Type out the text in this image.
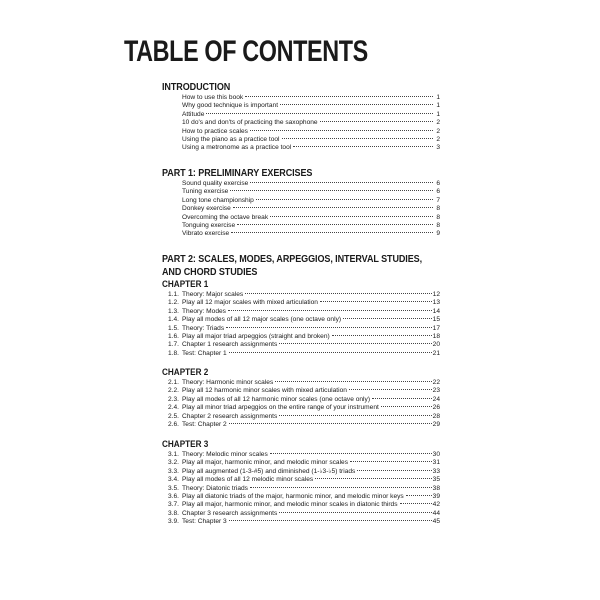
TABLE OF CONTENTS
INTRODUCTION
How to use this book	1
Why good technique is important	1
Attitude	1
10 do's and don'ts of practicing the saxophone	2
How to practice scales	2
Using the piano as a practice tool	2
Using a metronome as a practice tool	3
PART 1: PRELIMINARY EXERCISES
Sound quality exercise	6
Tuning exercise	6
Long tone championship	7
Donkey exercise	8
Overcoming the octave break	8
Tonguing exercise	8
Vibrato exercise	9
PART 2: SCALES, MODES, ARPEGGIOS, INTERVAL STUDIES,
AND CHORD STUDIES
CHAPTER 1
1.1. Theory: Major scales	12
1.2. Play all 12 major scales with mixed articulation	13
1.3. Theory: Modes	14
1.4. Play all modes of all 12 major scales (one octave only)	15
1.5. Theory: Triads	17
1.6. Play all major triad arpeggios (straight and broken)	18
1.7. Chapter 1 research assignments	20
1.8. Test: Chapter 1	21
CHAPTER 2
2.1. Theory: Harmonic minor scales	22
2.2. Play all 12 harmonic minor scales with mixed articulation	23
2.3. Play all modes of all 12 harmonic minor scales (one octave only)	24
2.4. Play all minor triad arpeggios on the entire range of your instrument	26
2.5. Chapter 2 research assignments	28
2.6. Test: Chapter 2	29
CHAPTER 3
3.1. Theory: Melodic minor scales	30
3.2. Play all major, harmonic minor, and melodic minor scales	31
3.3. Play all augmented (1-3-#5) and diminished (1-♭3-♭5) triads	33
3.4. Play all modes of all 12 melodic minor scales	35
3.5. Theory: Diatonic triads	38
3.6. Play all diatonic triads of the major, harmonic minor, and melodic minor keys	39
3.7. Play all major, harmonic minor, and melodic minor scales in diatonic thirds	42
3.8. Chapter 3 research assignments	44
3.9. Test: Chapter 3	45
